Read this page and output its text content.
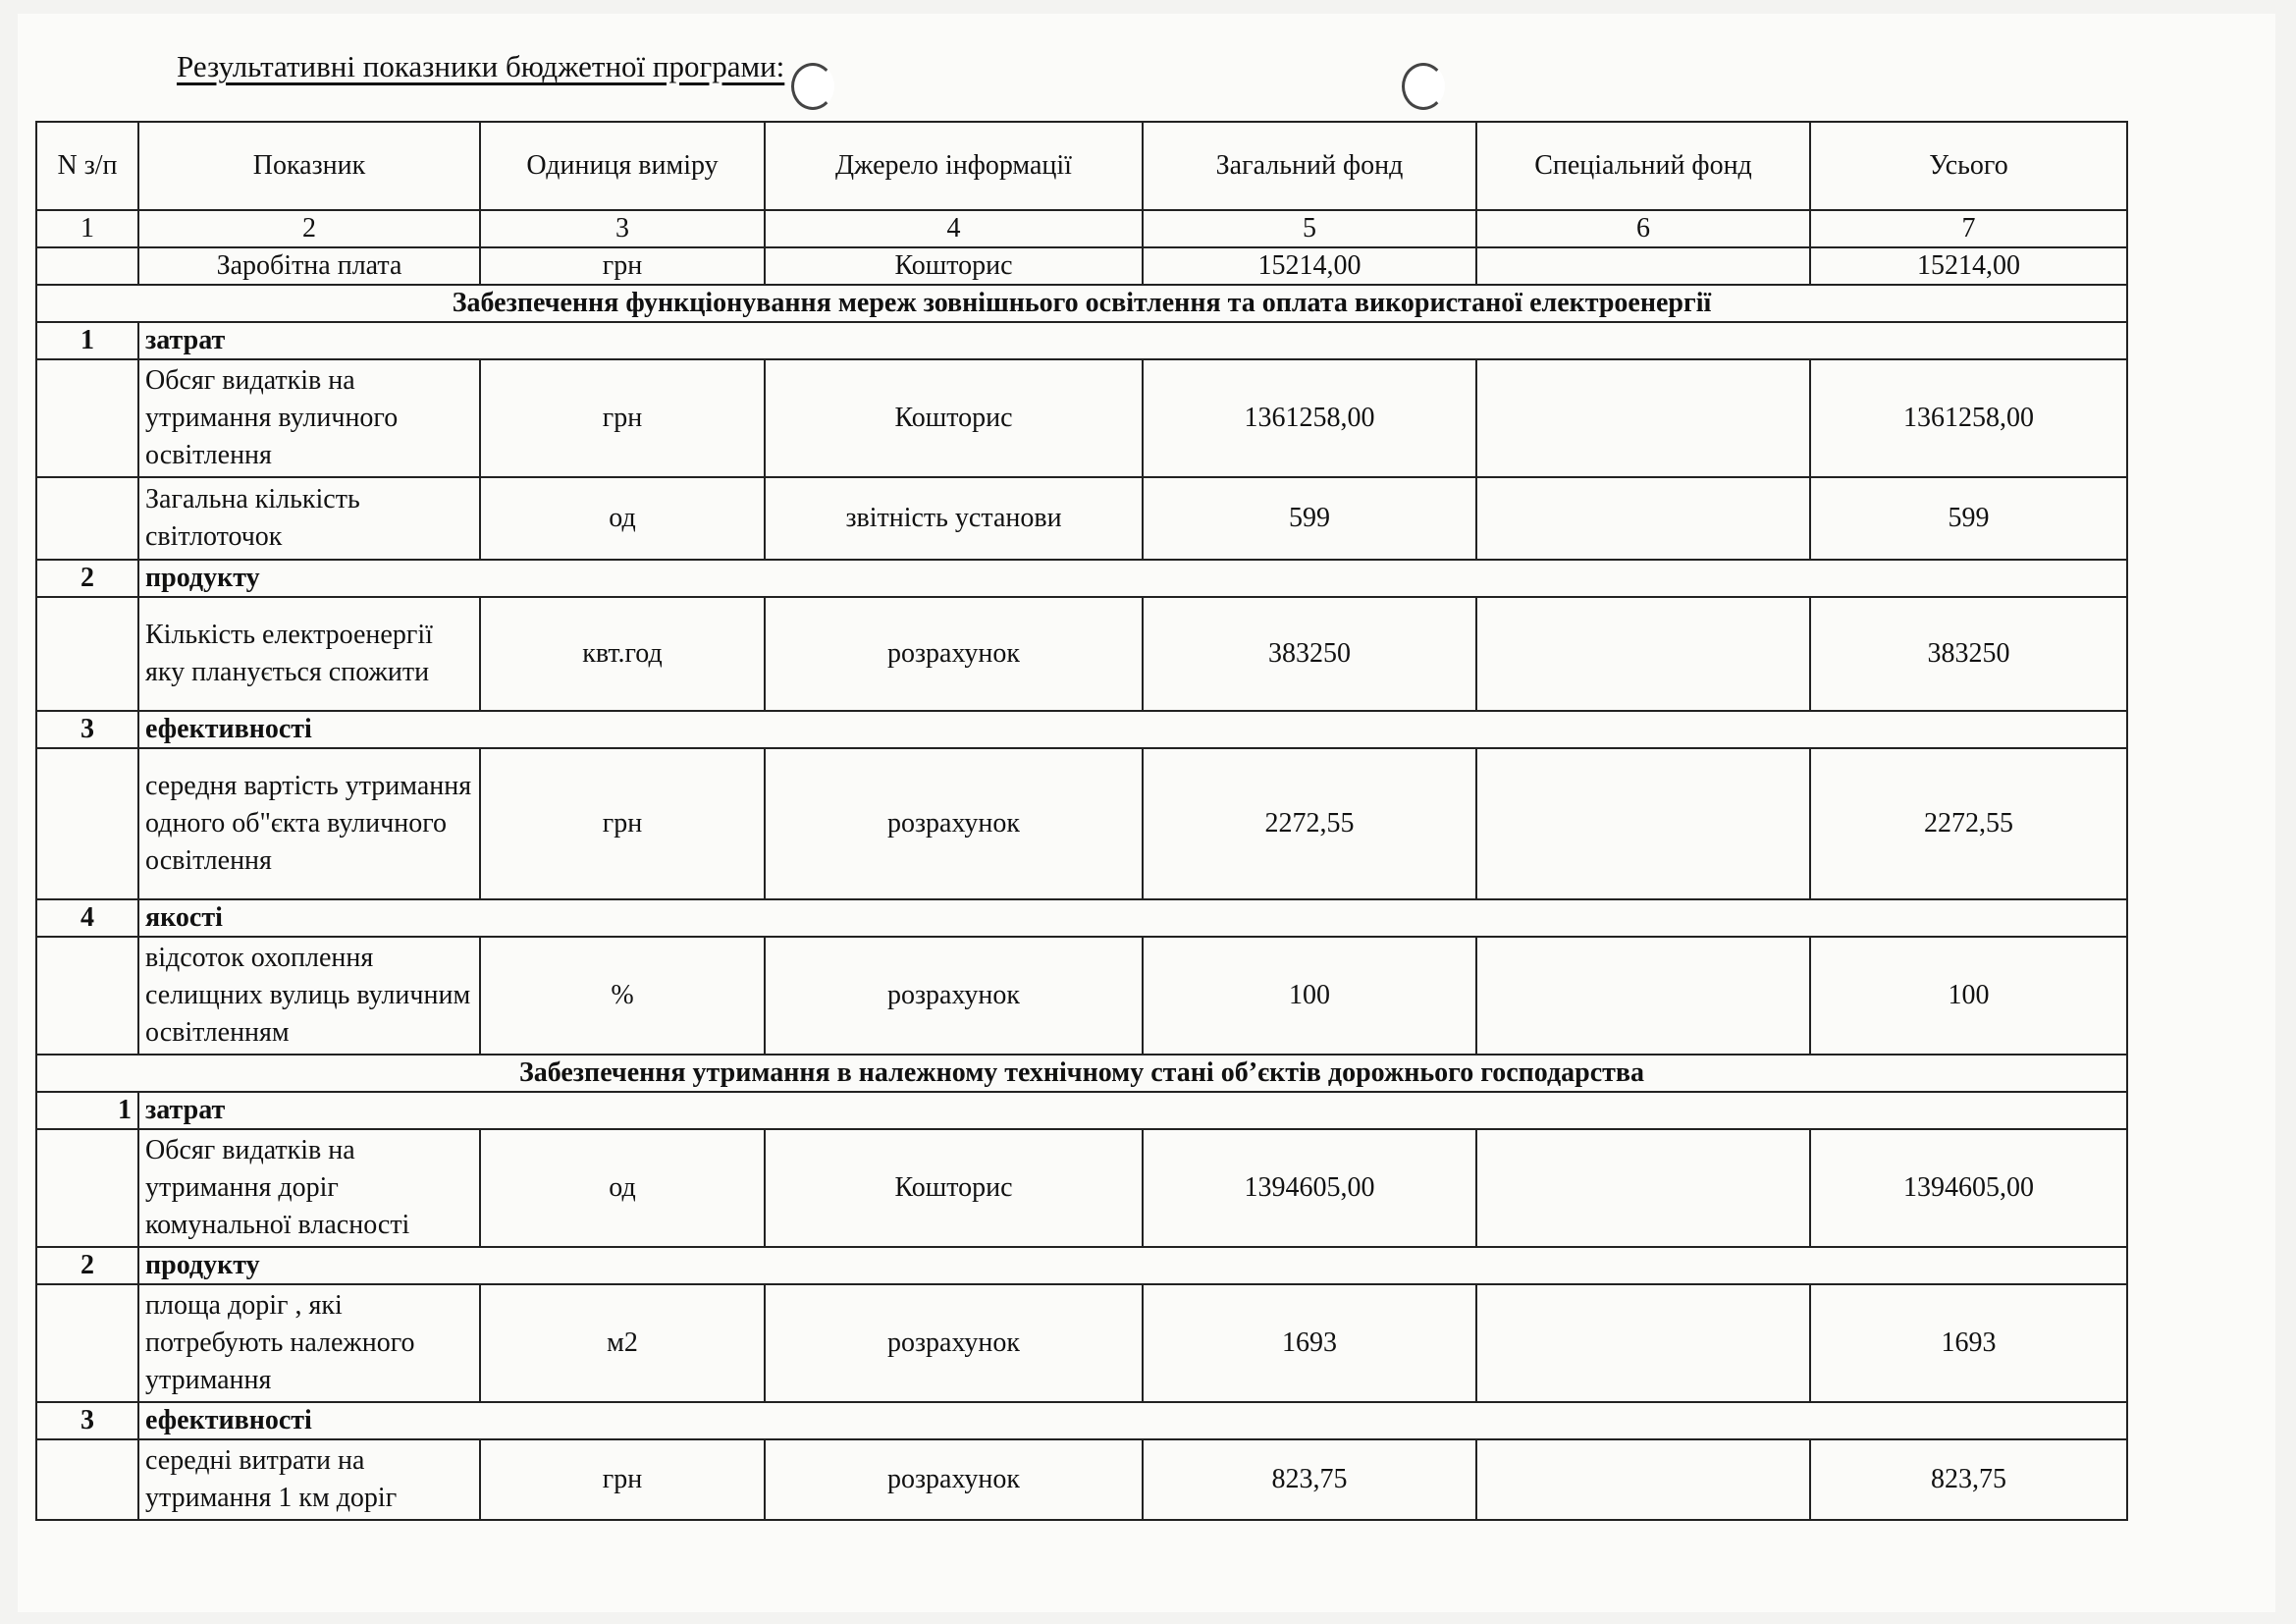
Результативні показники бюджетної програми:
N з/п	Показник	Одиниця виміру	Джерело інформації	Загальний фонд	Спеціальний фонд	Усього
1	2	3	4	5	6	7
	Заробітна плата	грн	Кошторис	15214,00		15214,00
Забезпечення функціонування мереж зовнішнього освітлення та оплата використаної електроенергії						
1	затрат					
	Обсяг видатків на утримання вуличного освітлення	грн	Кошторис	1361258,00		1361258,00
	Загальна кількість світлоточок	од	звітність установи	599		599
2	продукту					
	Кількість електроенергії яку планується спожити	квт.год	розрахунок	383250		383250
3	ефективності					
	середня вартість утримання одного об"єкта вуличного освітлення	грн	розрахунок	2272,55		2272,55
4	якості					
	відсоток охоплення селищних вулиць вуличним освітленням	%	розрахунок	100		100
Забезпечення утримання в належному технічному стані об’єктів дорожнього господарства						
1	затрат					
	Обсяг видатків на утримання доріг комунальної власності	од	Кошторис	1394605,00		1394605,00
2	продукту					
	площа доріг , які потребують належного утримання	м2	розрахунок	1693		1693
3	ефективності					
	середні витрати на утримання 1 км доріг	грн	розрахунок	823,75		823,75
